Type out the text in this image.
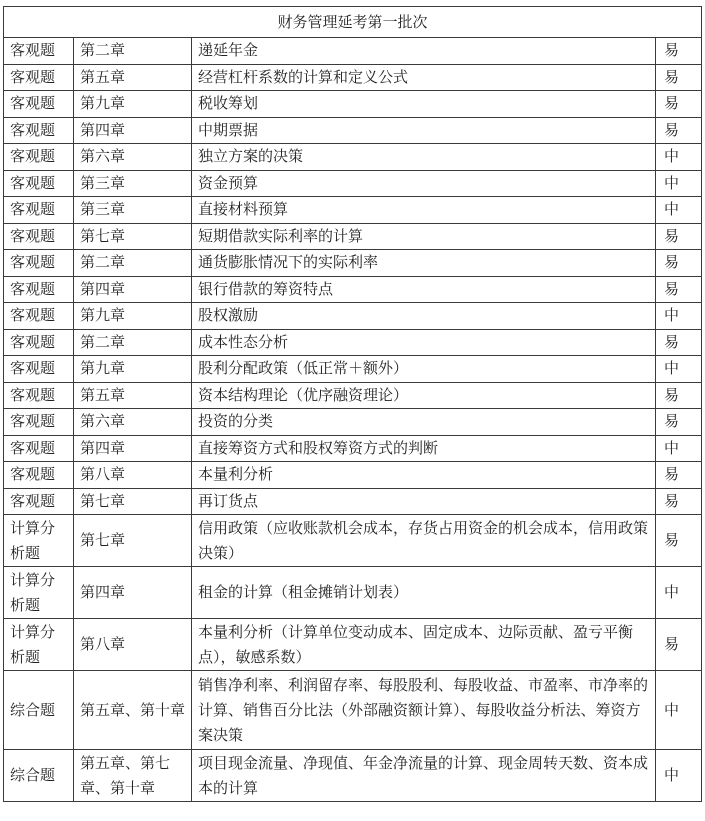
财务管理延考第一批次			
客观题	第二章	递延年金	易
客观题	第五章	经营杠杆系数的计算和定义公式	易
客观题	第九章	税收筹划	易
客观题	第四章	中期票据	易
客观题	第六章	独立方案的决策	中
客观题	第三章	资金预算	中
客观题	第三章	直接材料预算	中
客观题	第七章	短期借款实际利率的计算	易
客观题	第二章	通货膨胀情况下的实际利率	易
客观题	第四章	银行借款的筹资特点	易
客观题	第九章	股权激励	中
客观题	第二章	成本性态分析	易
客观题	第九章	股利分配政策（低正常＋额外）	中
客观题	第五章	资本结构理论（优序融资理论）	易
客观题	第六章	投资的分类	易
客观题	第四章	直接筹资方式和股权筹资方式的判断	中
客观题	第八章	本量利分析	易
客观题	第七章	再订货点	易
计算分析题	第七章	信用政策（应收账款机会成本，存货占用资金的机会成本，信用政策决策）	易
计算分析题	第四章	租金的计算（租金摊销计划表）	中
计算分析题	第八章	本量利分析（计算单位变动成本、固定成本、边际贡献、盈亏平衡点），敏感系数）	易
综合题	第五章、第十章	销售净利率、利润留存率、每股股利、每股收益、市盈率、市净率的计算、销售百分比法（外部融资额计算）、每股收益分析法、筹资方案决策	中
综合题	第五章、第七章、第十章	项目现金流量、净现值、年金净流量的计算、现金周转天数、资本成本的计算	中
